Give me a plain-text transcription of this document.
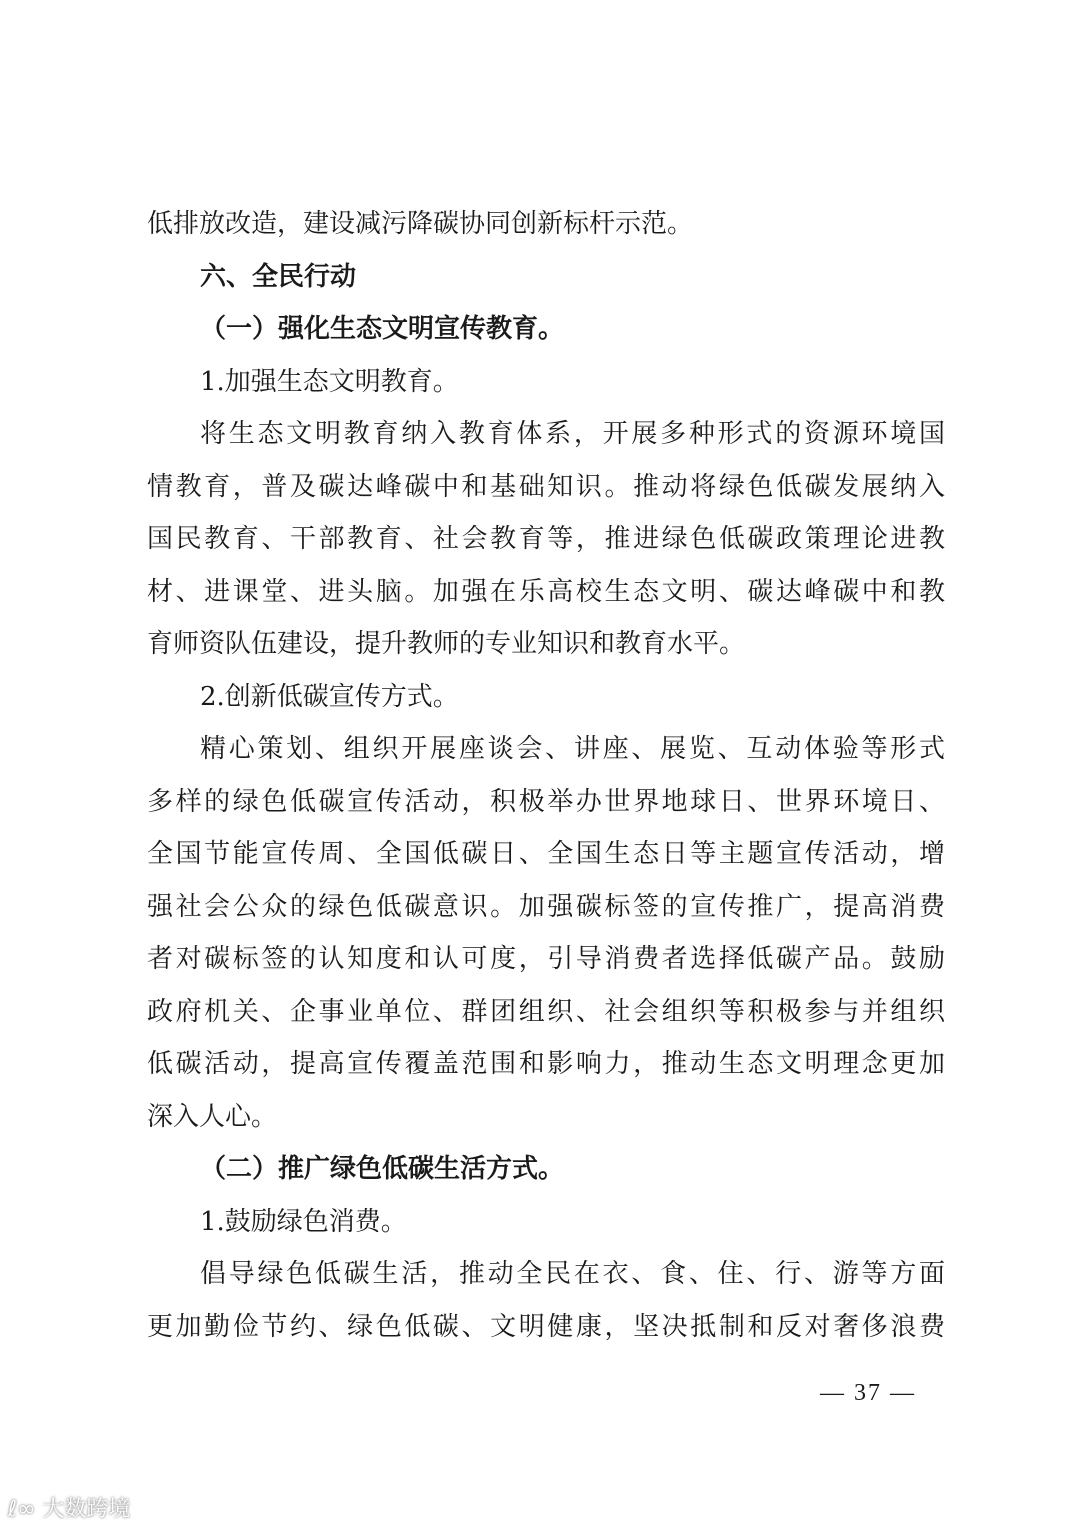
低排放改造，建设减污降碳协同创新标杆示范。
六、全民行动
（一）强化生态文明宣传教育。
1.加强生态文明教育。
将生态文明教育纳入教育体系，开展多种形式的资源环境国
情教育，普及碳达峰碳中和基础知识。推动将绿色低碳发展纳入
国民教育、干部教育、社会教育等，推进绿色低碳政策理论进教
材、进课堂、进头脑。加强在乐高校生态文明、碳达峰碳中和教
育师资队伍建设，提升教师的专业知识和教育水平。
2.创新低碳宣传方式。
精心策划、组织开展座谈会、讲座、展览、互动体验等形式
多样的绿色低碳宣传活动，积极举办世界地球日、世界环境日、
全国节能宣传周、全国低碳日、全国生态日等主题宣传活动，增
强社会公众的绿色低碳意识。加强碳标签的宣传推广，提高消费
者对碳标签的认知度和认可度，引导消费者选择低碳产品。鼓励
政府机关、企事业单位、群团组织、社会组织等积极参与并组织
低碳活动，提高宣传覆盖范围和影响力，推动生态文明理念更加
深入人心。
（二）推广绿色低碳生活方式。
1.鼓励绿色消费。
倡导绿色低碳生活，推动全民在衣、食、住、行、游等方面
更加勤俭节约、绿色低碳、文明健康，坚决抵制和反对奢侈浪费
— 37 —
ℓ∞ 大数跨境
